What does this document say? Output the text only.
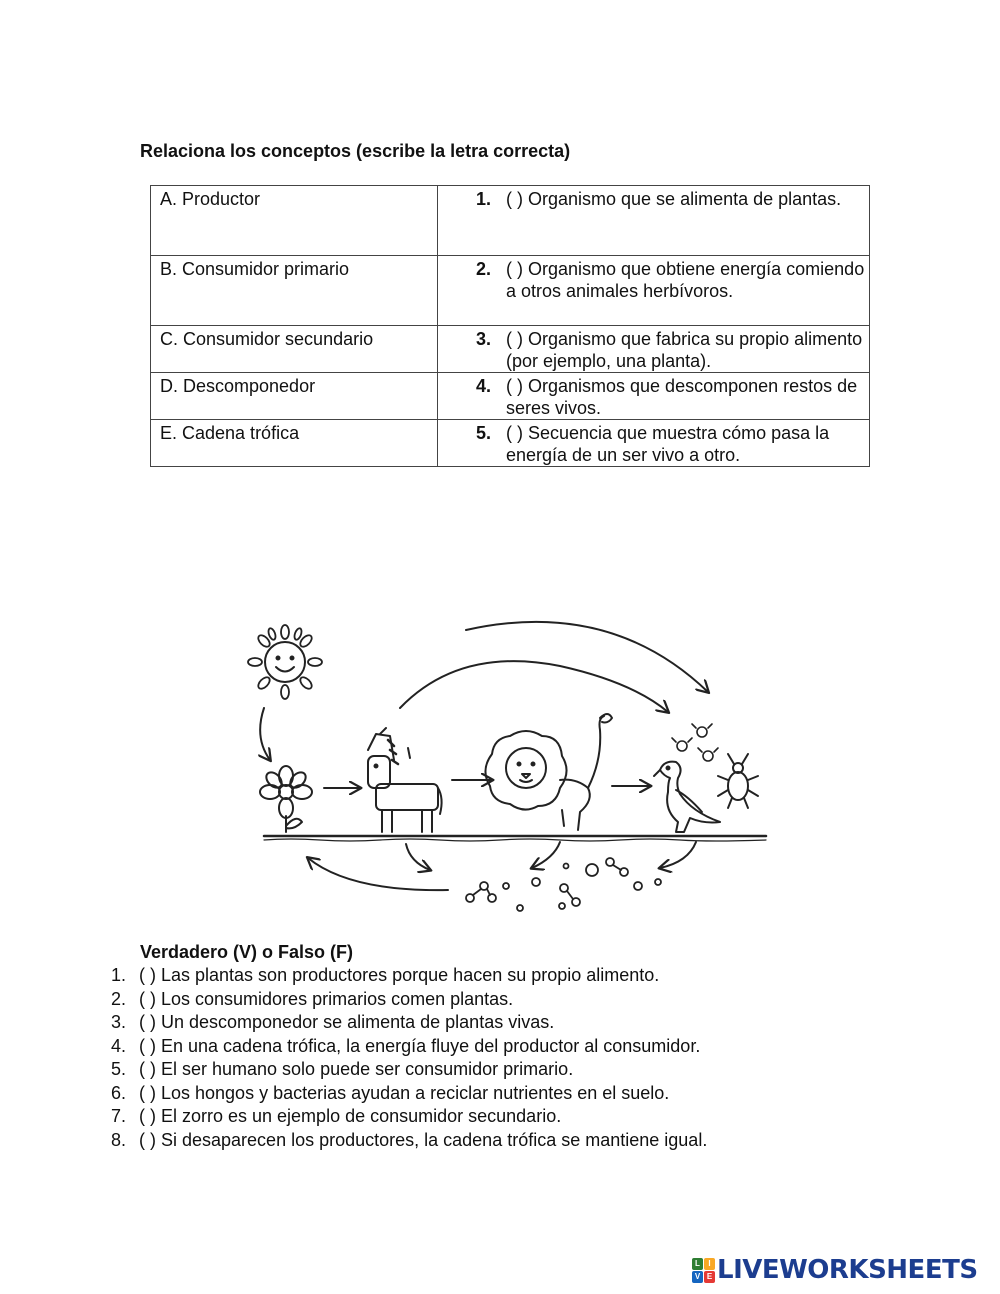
Relaciona los conceptos (escribe la letra correcta)
A. Productor	1. ( ) Organismo que se alimenta de plantas.

B. Consumidor primario	2. ( ) Organismo que obtiene energía comiendo a otros animales herbívoros.

C. Consumidor secundario	3. ( ) Organismo que fabrica su propio alimento (por ejemplo, una planta).

D. Descomponedor	4. ( ) Organismos que descomponen restos de seres vivos.

E. Cadena trófica	5. ( ) Secuencia que muestra cómo pasa la energía de un ser vivo a otro.
Verdadero (V) o Falso (F)
1. ( ) Las plantas son productores porque hacen su propio alimento.
2. ( ) Los consumidores primarios comen plantas.
3. ( ) Un descomponedor se alimenta de plantas vivas.
4. ( ) En una cadena trófica, la energía fluye del productor al consumidor.
5. ( ) El ser humano solo puede ser consumidor primario.
6. ( ) Los hongos y bacterias ayudan a reciclar nutrientes en el suelo.
7. ( ) El zorro es un ejemplo de consumidor secundario.
8. ( ) Si desaparecen los productores, la cadena trófica se mantiene igual.
L	I
V E LIVEWORKSHEETS
